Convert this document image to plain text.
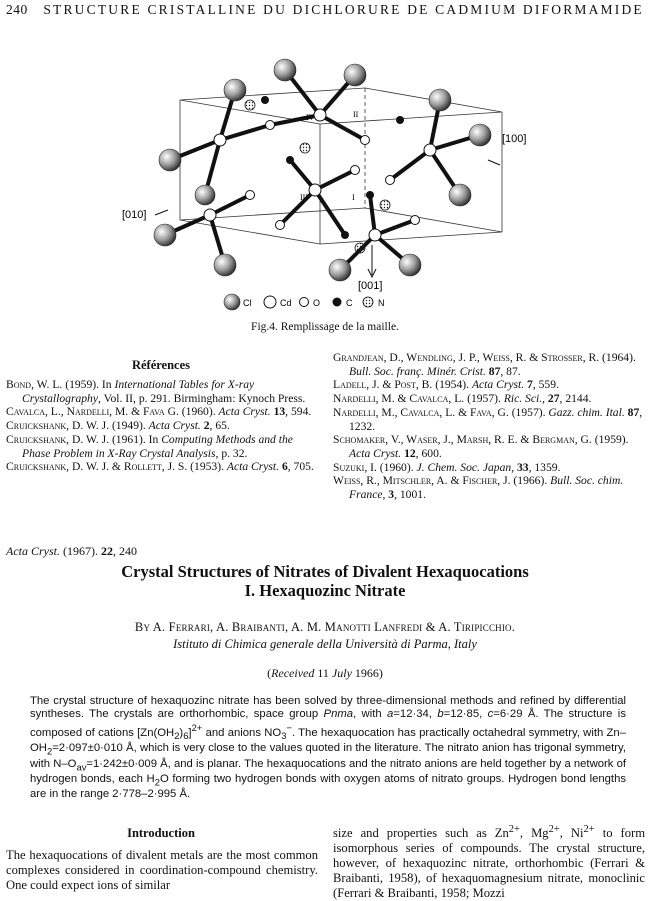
240 STRUCTURE CRISTALLINE DU DICHLORURE DE CADMIUM DIFORMAMIDE
[100]
[010]
[001]
IV	II
III	I
Cl	Cd O	C	N
Fig.4. Remplissage de la maille.
Références

Bond, W. L. (1959). In International Tables for X-ray Crystallography, Vol. II, p. 291. Birmingham: Kynoch Press.

Cavalca, L., Nardelli, M. & Fava G. (1960). Acta Cryst. 13, 594.

Cruickshank, D. W. J. (1949). Acta Cryst. 2, 65.

Cruickshank, D. W. J. (1961). In Computing Methods and the Phase Problem in X-Ray Crystal Analysis, p. 32.

Cruickshank, D. W. J. & Rollett, J. S. (1953). Acta Cryst. 6, 705.

Grandjean, D., Wendling, J. P., Weiss, R. & Strosser, R. (1964). Bull. Soc. franç. Minér. Crist. 87, 87.

Ladell, J. & Post, B. (1954). Acta Cryst. 7, 559.

Nardelli, M. & Cavalca, L. (1957). Ric. Sci., 27, 2144.

Nardelli, M., Cavalca, L. & Fava, G. (1957). Gazz. chim. Ital. 87, 1232.

Schomaker, V., Waser, J., Marsh, R. E. & Bergman, G. (1959). Acta Cryst. 12, 600.

Suzuki, I. (1960). J. Chem. Soc. Japan, 33, 1359.

Weiss, R., Mitschler, A. & Fischer, J. (1966). Bull. Soc. chim. France, 3, 1001.

Acta Cryst. (1967). 22, 240
Crystal Structures of Nitrates of Divalent Hexaquocations
I. Hexaquozinc Nitrate
By A. Ferrari, A. Braibanti, A. M. Manotti Lanfredi & A. Tiripicchio.
Istituto di Chimica generale della Università di Parma, Italy
(Received 11 July 1966)
The crystal structure of hexaquozinc nitrate has been solved by three-dimensional methods and refined by differential syntheses. The crystals are orthorhombic, space group Pnma, with a=12·34, b=12·85, c=6·29 Å. The structure is composed of cations $[Zn(OH_2)_6]^{2+}$ and anions $NO_3^-$. The hexaquocation has practically octahedral symmetry, with $Zn-OH_2=2\cdot 097\pm 0\cdot 010$ Å, which is very close to the values quoted in the literature. The nitrato anion has trigonal symmetry, with $N-O_{av}=1\cdot 242\pm 0\cdot 009$ Å, and is planar. The hexaquocations and the nitrato anions are held together by a network of hydrogen bonds, each $H_2O$ forming two hydrogen bonds with oxygen atoms of nitrato groups. Hydrogen bond lengths are in the range 2·778–2·995 Å.
Introduction
The hexaquocations of divalent metals are the most common complexes considered in coordination-compound chemistry. One could expect ions of similar
size and properties such as $Zn^{2+}$, $Mg^{2+}$, $Ni^{2+}$ to form isomorphous series of compounds. The crystal structure, however, of hexaquozinc nitrate, orthorhombic (Ferrari & Braibanti, 1958), of hexaquomagnesium nitrate, monoclinic (Ferrari & Braibanti, 1958; Mozzi
